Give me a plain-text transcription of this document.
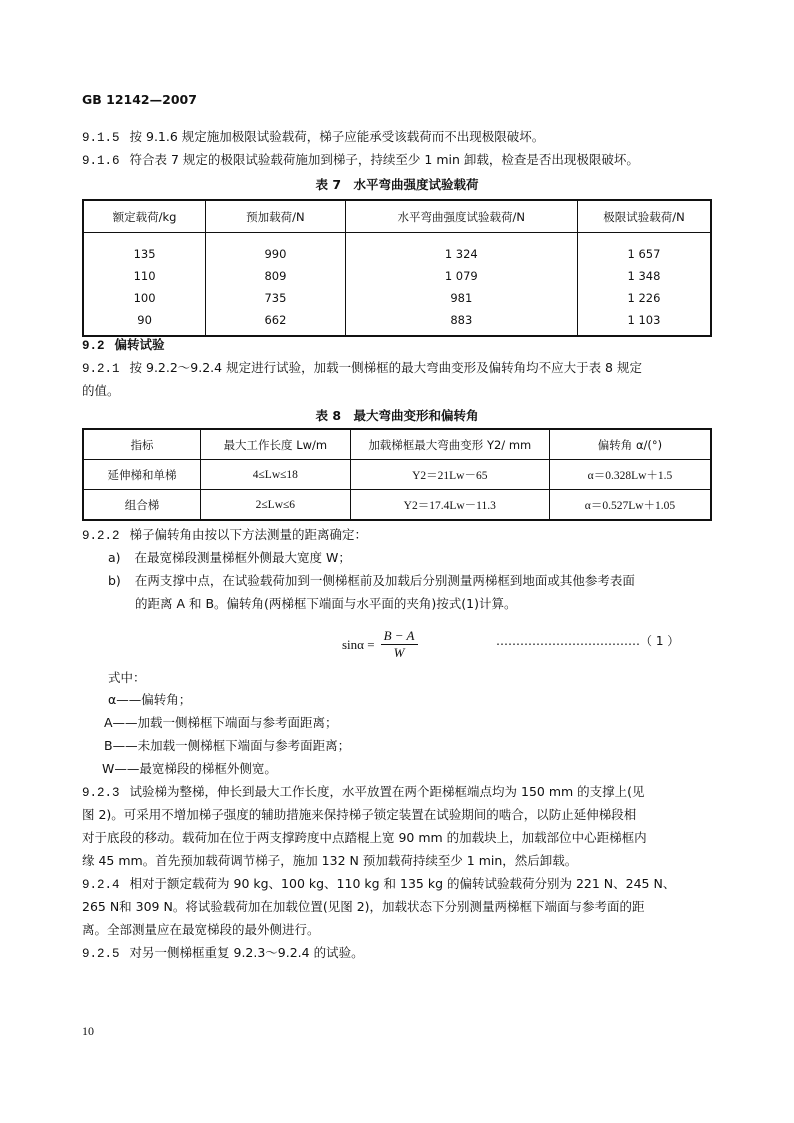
GB 12142—2007
9.1.5 按 9.1.6 规定施加极限试验载荷，梯子应能承受该载荷而不出现极限破坏。
9.1.6 符合表 7 规定的极限试验载荷施加到梯子，持续至少 1 min 卸载，检查是否出现极限破坏。
表 7　水平弯曲强度试验载荷
额定载荷/kg	预加载荷/N	水平弯曲强度试验载荷/N	极限试验载荷/N
135	990	1 324	1 657
110	809	1 079	1 348
100	735	981	1 226
90	662	883	1 103
9.2 偏转试验
9.2.1 按 9.2.2～9.2.4 规定进行试验，加载一侧梯框的最大弯曲变形及偏转角均不应大于表 8 规定
的值。
表 8　最大弯曲变形和偏转角
指标	最大工作长度 Lw/m	加载梯框最大弯曲变形 Y2/ mm	偏转角 α/(°)
延伸梯和单梯	4≤Lw≤18	Y2＝21Lw－65	α＝0.328Lw＋1.5
组合梯	2≤Lw≤6	Y2＝17.4Lw－11.3	α＝0.527Lw＋1.05
9.2.2 梯子偏转角由按以下方法测量的距离确定：
a) 在最宽梯段测量梯框外侧最大宽度 W；
b) 在两支撑中点，在试验载荷加到一侧梯框前及加载后分别测量两梯框到地面或其他参考表面
的距离 A 和 B。偏转角(两梯框下端面与水平面的夹角)按式(1)计算。
$\sin\alpha = \frac{B - A}{W}$	………………………………（ 1 ）
式中：
α——偏转角；
A——加载一侧梯框下端面与参考面距离；
B——未加载一侧梯框下端面与参考面距离；
W——最宽梯段的梯框外侧宽。
9.2.3 试验梯为整梯，伸长到最大工作长度，水平放置在两个距梯框端点均为 150 mm 的支撑上(见
图 2)。可采用不增加梯子强度的辅助措施来保持梯子锁定装置在试验期间的啮合，以防止延伸梯段相
对于底段的移动。载荷加在位于两支撑跨度中点踏棍上宽 90 mm 的加载块上，加载部位中心距梯框内
缘 45 mm。首先预加载荷调节梯子，施加 132 N 预加载荷持续至少 1 min，然后卸载。
9.2.4 相对于额定载荷为 90 kg、100 kg、110 kg 和 135 kg 的偏转试验载荷分别为 221 N、245 N、
265 N和 309 N。将试验载荷加在加载位置(见图 2)，加载状态下分别测量两梯框下端面与参考面的距
离。全部测量应在最宽梯段的最外侧进行。
9.2.5 对另一侧梯框重复 9.2.3～9.2.4 的试验。
10
